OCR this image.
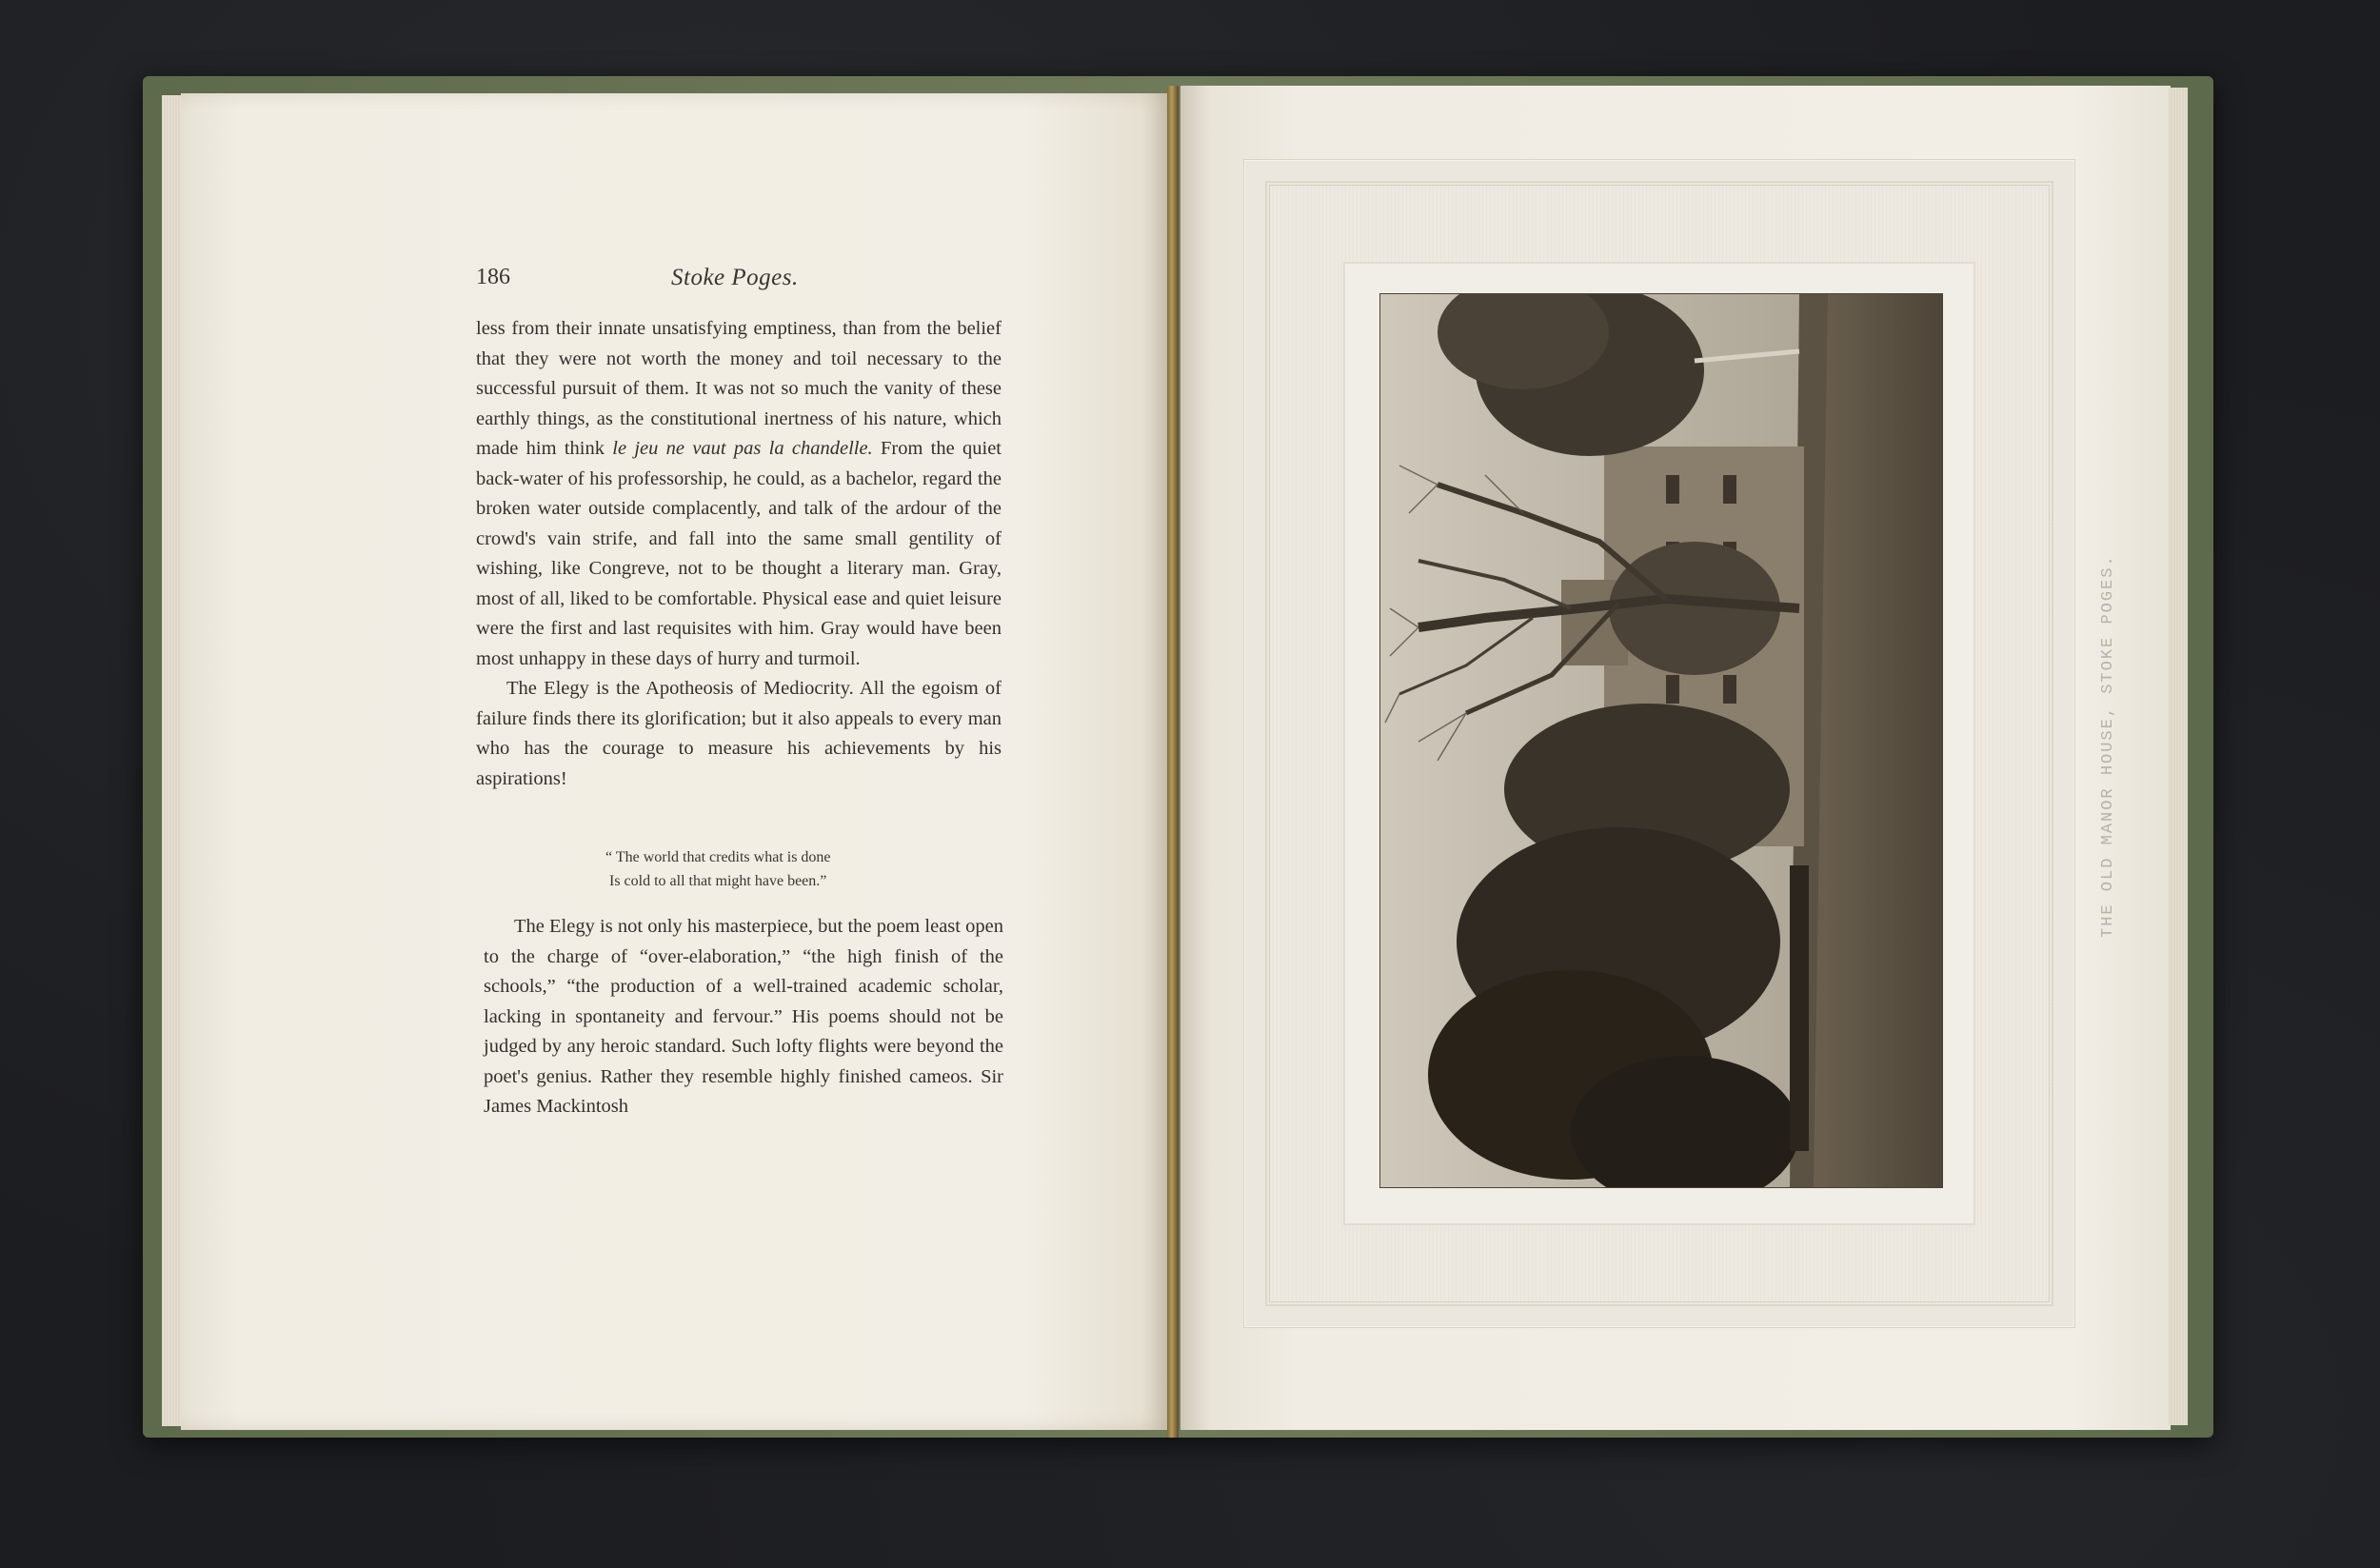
186	Stoke Poges.

less from their innate unsatisfying emptiness, than from the belief that they were not worth the money and toil necessary to the successful pursuit of them. It was not so much the vanity of these earthly things, as the constitutional inertness of his nature, which made him think le jeu ne vaut pas la chandelle. From the quiet back-water of his professorship, he could, as a bachelor, regard the broken water outside complacently, and talk of the ardour of the crowd's vain strife, and fall into the same small gentility of wishing, like Congreve, not to be thought a literary man. Gray, most of all, liked to be comfortable. Physical ease and quiet leisure were the first and last requisites with him. Gray would have been most unhappy in these days of hurry and turmoil.

The Elegy is the Apotheosis of Mediocrity. All the egoism of failure finds there its glorification; but it also appeals to every man who has the courage to measure his achievements by his aspirations!

“ The world that credits what is done
Is cold to all that might have been.”

The Elegy is not only his masterpiece, but the poem least open to the charge of “over-elaboration,” “the high finish of the schools,” “the production of a well-trained academic scholar, lacking in spontaneity and fervour.” His poems should not be judged by any heroic standard. Such lofty flights were beyond the poet's genius. Rather they resemble highly finished cameos. Sir James Mackintosh

THE OLD MANOR HOUSE, STOKE POGES.
